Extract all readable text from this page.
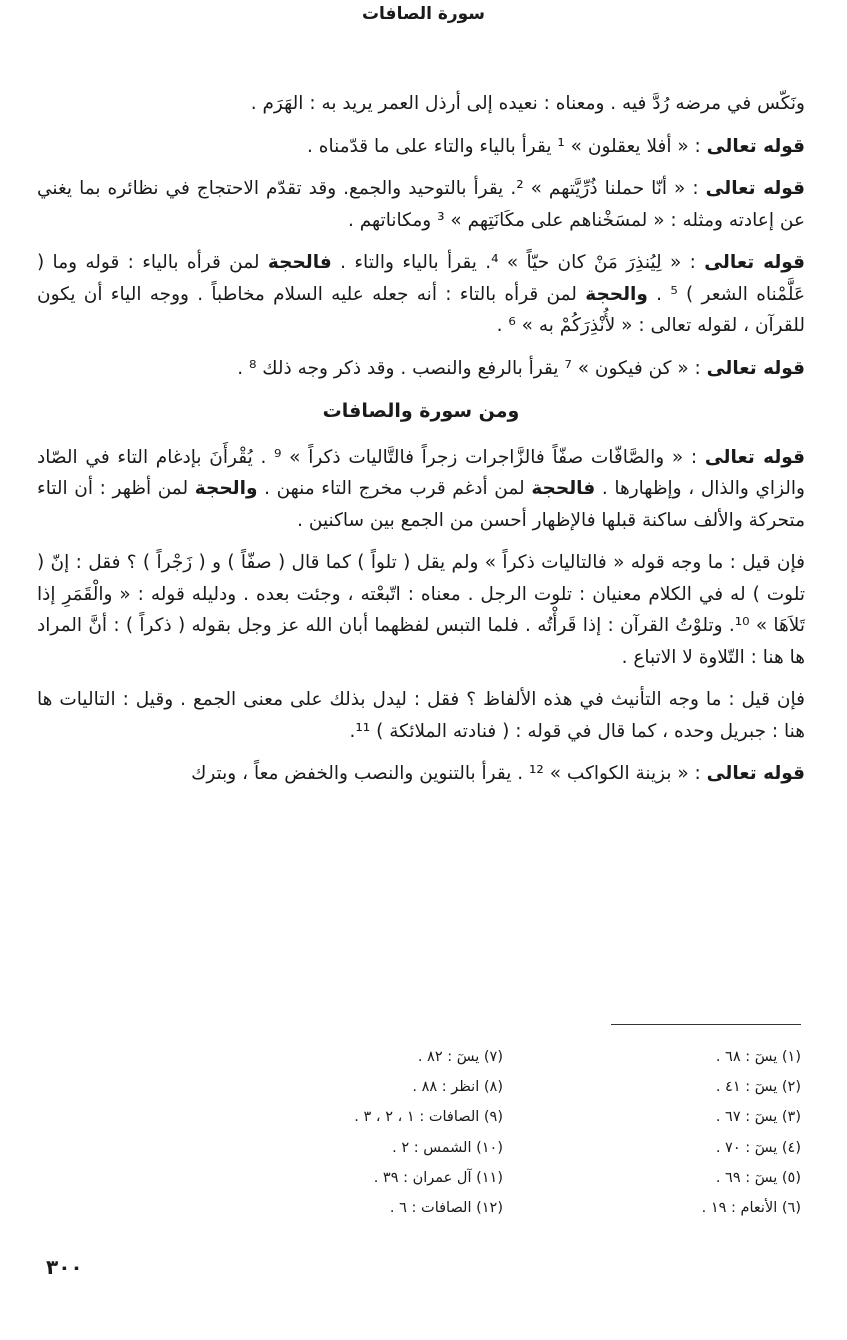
سورة الصافات

ونَكّس في مرضه رُدَّ فيه . ومعناه : نعيده إلى أرذل العمر يريد به : الهَرَم .

قوله تعالى : « أفلا يعقلون » ¹ يقرأ بالياء والتاء على ما قدّمناه .

قوله تعالى : « أنّا حملنا ذُرِّيَّتهم » ². يقرأ بالتوحيد والجمع. وقد تقدّم الاحتجاج في نظائره بما يغني عن إعادته ومثله : « لمسَخْناهم على مكَانَتِهم » ³ ومكاناتهم .

قوله تعالى : « لِيُنذِرَ مَنْ كان حيّاً » ⁴. يقرأ بالياء والتاء . فالحجة لمن قرأه بالياء : قوله وما ( عَلَّمْناه الشعر ) ⁵ . والحجة لمن قرأه بالتاء : أنه جعله عليه السلام مخاطباً . ووجه الياء أن يكون للقرآن ، لقوله تعالى : « لأُنْذِرَكُمْ به » ⁶ .

قوله تعالى : « كن فيكون » ⁷ يقرأ بالرفع والنصب . وقد ذكر وجه ذلك ⁸ .

ومن سورة والصافات

قوله تعالى : « والصَّافّات صفّاً فالزَّاجرات زجراً فالتَّاليات ذكراً » ⁹ . يُقْرأَنَ بإدغام التاء في الصّاد والزاي والذال ، وإظهارها . فالحجة لمن أدغم قرب مخرج التاء منهن . والحجة لمن أظهر : أن التاء متحركة والألف ساكنة قبلها فالإظهار أحسن من الجمع بين ساكنين .

فإن قيل : ما وجه قوله « فالتاليات ذكراً » ولم يقل ( تلواً ) كما قال ( صفّاً ) و ( زَجْراً ) ؟ فقل : إنّ ( تلوت ) له في الكلام معنيان : تلوت الرجل . معناه : اتّبعْته ، وجئت بعده . ودليله قوله : « والْقَمَرِ إذا تَلاَهَا » ¹⁰. وتلوْتُ القرآن : إذا قَرأْتُه . فلما التبس لفظهما أبان الله عز وجل بقوله ( ذكراً ) : أنَّ المراد ها هنا : التّلاوة لا الاتباع .

فإن قيل : ما وجه التأنيث في هذه الألفاظ ؟ فقل : ليدل بذلك على معنى الجمع . وقيل : التاليات ها هنا : جبريل وحده ، كما قال في قوله : ( فنادته الملائكة ) ¹¹.

قوله تعالى : « بزينة الكواكب » ¹² . يقرأ بالتنوين والنصب والخفض معاً ، وبترك

(١) يسٓ : ٦٨ .
(٢) يسٓ : ٤١ .
(٣) يسٓ : ٦٧ .
(٤) يسٓ : ٧٠ .
(٥) يسٓ : ٦٩ .
(٦) الأنعام : ١٩ .
(٧) يسٓ : ٨٢ .
(٨) انظر : ٨٨ .
(٩) الصافات : ١ ، ٢ ، ٣ .
(١٠) الشمس : ٢ .
(١١) آل عمران : ٣٩ .
(١٢) الصافات : ٦ .
٣٠٠
